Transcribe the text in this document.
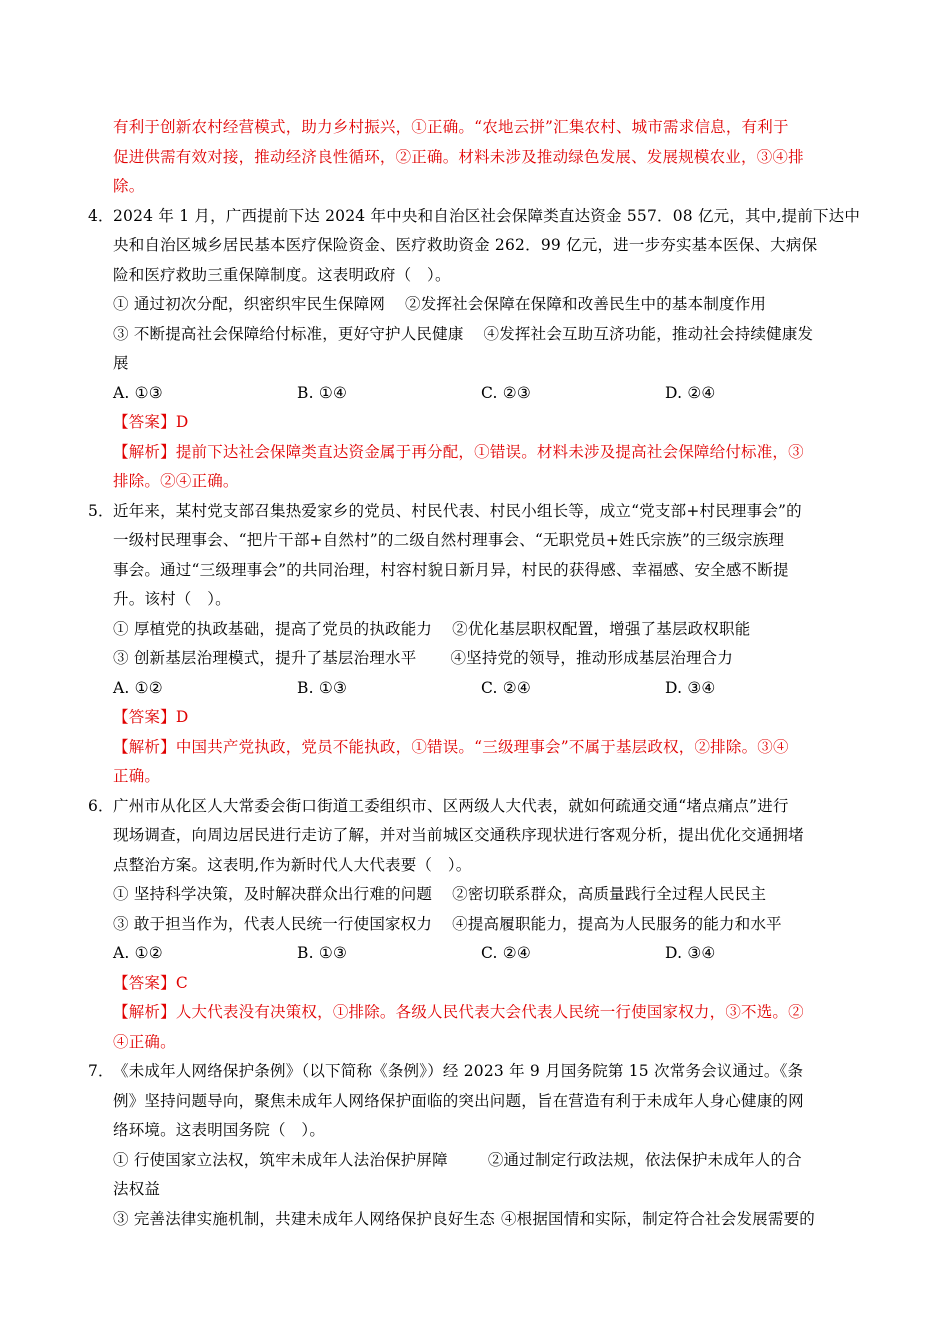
有利于创新农村经营模式，助力乡村振兴，①正确。“农地云拼”汇集农村、城市需求信息，有利于
促进供需有效对接，推动经济良性循环，②正确。材料未涉及推动绿色发展、发展规模农业，③④排
除。
4． 2024 年 1 月，广西提前下达 2024 年中央和自治区社会保障类直达资金 557．08 亿元，其中,提前下达中
央和自治区城乡居民基本医疗保险资金、医疗救助资金 262．99 亿元，进一步夯实基本医保、大病保
险和医疗救助三重保障制度。这表明政府（　）。
① 通过初次分配，织密织牢民生保障网 ②发挥社会保障在保障和改善民生中的基本制度作用
③ 不断提高社会保障给付标准，更好守护人民健康 ④发挥社会互助互济功能，推动社会持续健康发
展
A. ①③	B. ①④	C. ②③	D. ②④
【答案】D
【解析】提前下达社会保障类直达资金属于再分配，①错误。材料未涉及提高社会保障给付标准，③
排除。②④正确。
5． 近年来，某村党支部召集热爱家乡的党员、村民代表、村民小组长等，成立“党支部+村民理事会”的
一级村民理事会、“把片干部+自然村”的二级自然村理事会、“无职党员+姓氏宗族”的三级宗族理
事会。通过“三级理事会”的共同治理，村容村貌日新月异，村民的获得感、幸福感、安全感不断提
升。该村（　）。
① 厚植党的执政基础，提高了党员的执政能力 ②优化基层职权配置，增强了基层政权职能
③ 创新基层治理模式，提升了基层治理水平 ④坚持党的领导，推动形成基层治理合力
A. ①②	B. ①③	C. ②④	D. ③④
【答案】D
【解析】中国共产党执政，党员不能执政，①错误。“三级理事会”不属于基层政权，②排除。③④
正确。
6． 广州市从化区人大常委会街口街道工委组织市、区两级人大代表，就如何疏通交通“堵点痛点”进行
现场调查，向周边居民进行走访了解，并对当前城区交通秩序现状进行客观分析，提出优化交通拥堵
点整治方案。这表明,作为新时代人大代表要（　）。
① 坚持科学决策，及时解决群众出行难的问题 ②密切联系群众，高质量践行全过程人民民主
③ 敢于担当作为，代表人民统一行使国家权力 ④提高履职能力，提高为人民服务的能力和水平
A. ①②	B. ①③	C. ②④	D. ③④
【答案】C
【解析】人大代表没有决策权，①排除。各级人民代表大会代表人民统一行使国家权力，③不选。②
④正确。
7． 《未成年人网络保护条例》（以下简称《条例》）经 2023 年 9 月国务院第 15 次常务会议通过。《条
例》坚持问题导向，聚焦未成年人网络保护面临的突出问题，旨在营造有利于未成年人身心健康的网
络环境。这表明国务院（　）。
① 行使国家立法权，筑牢未成年人法治保护屏障	②通过制定行政法规，依法保护未成年人的合
法权益
③ 完善法律实施机制，共建未成年人网络保护良好生态 ④根据国情和实际，制定符合社会发展需要的
